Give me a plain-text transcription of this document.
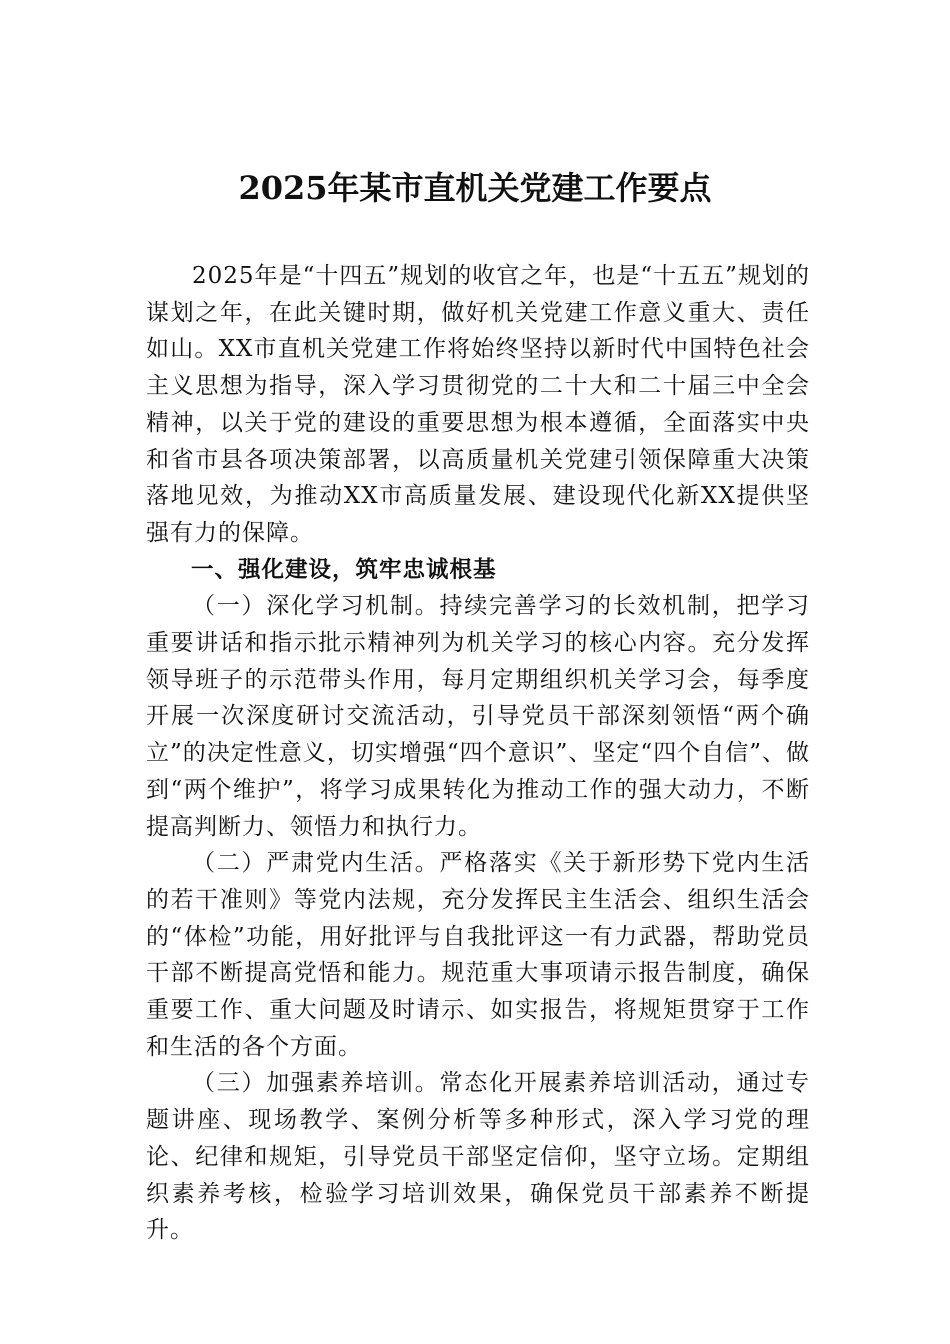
2025年某市直机关党建工作要点

2025年是“十四五”规划的收官之年，也是“十五五”规划的谋划之年，在此关键时期，做好机关党建工作意义重大、责任如山。XX市直机关党建工作将始终坚持以新时代中国特色社会主义思想为指导，深入学习贯彻党的二十大和二十届三中全会精神，以关于党的建设的重要思想为根本遵循，全面落实中央和省市县各项决策部署，以高质量机关党建引领保障重大决策落地见效，为推动XX市高质量发展、建设现代化新XX提供坚强有力的保障。

一、强化建设，筑牢忠诚根基

（一）深化学习机制。持续完善学习的长效机制，把学习重要讲话和指示批示精神列为机关学习的核心内容。充分发挥领导班子的示范带头作用，每月定期组织机关学习会，每季度开展一次深度研讨交流活动，引导党员干部深刻领悟“两个确立”的决定性意义，切实增强“四个意识”、坚定“四个自信”、做到“两个维护”，将学习成果转化为推动工作的强大动力，不断提高判断力、领悟力和执行力。

（二）严肃党内生活。严格落实《关于新形势下党内生活的若干准则》等党内法规，充分发挥民主生活会、组织生活会的“体检”功能，用好批评与自我批评这一有力武器，帮助党员干部不断提高党悟和能力。规范重大事项请示报告制度，确保重要工作、重大问题及时请示、如实报告，将规矩贯穿于工作和生活的各个方面。

（三）加强素养培训。常态化开展素养培训活动，通过专题讲座、现场教学、案例分析等多种形式，深入学习党的理论、纪律和规矩，引导党员干部坚定信仰，坚守立场。定期组织素养考核，检验学习培训效果，确保党员干部素养不断提升。
